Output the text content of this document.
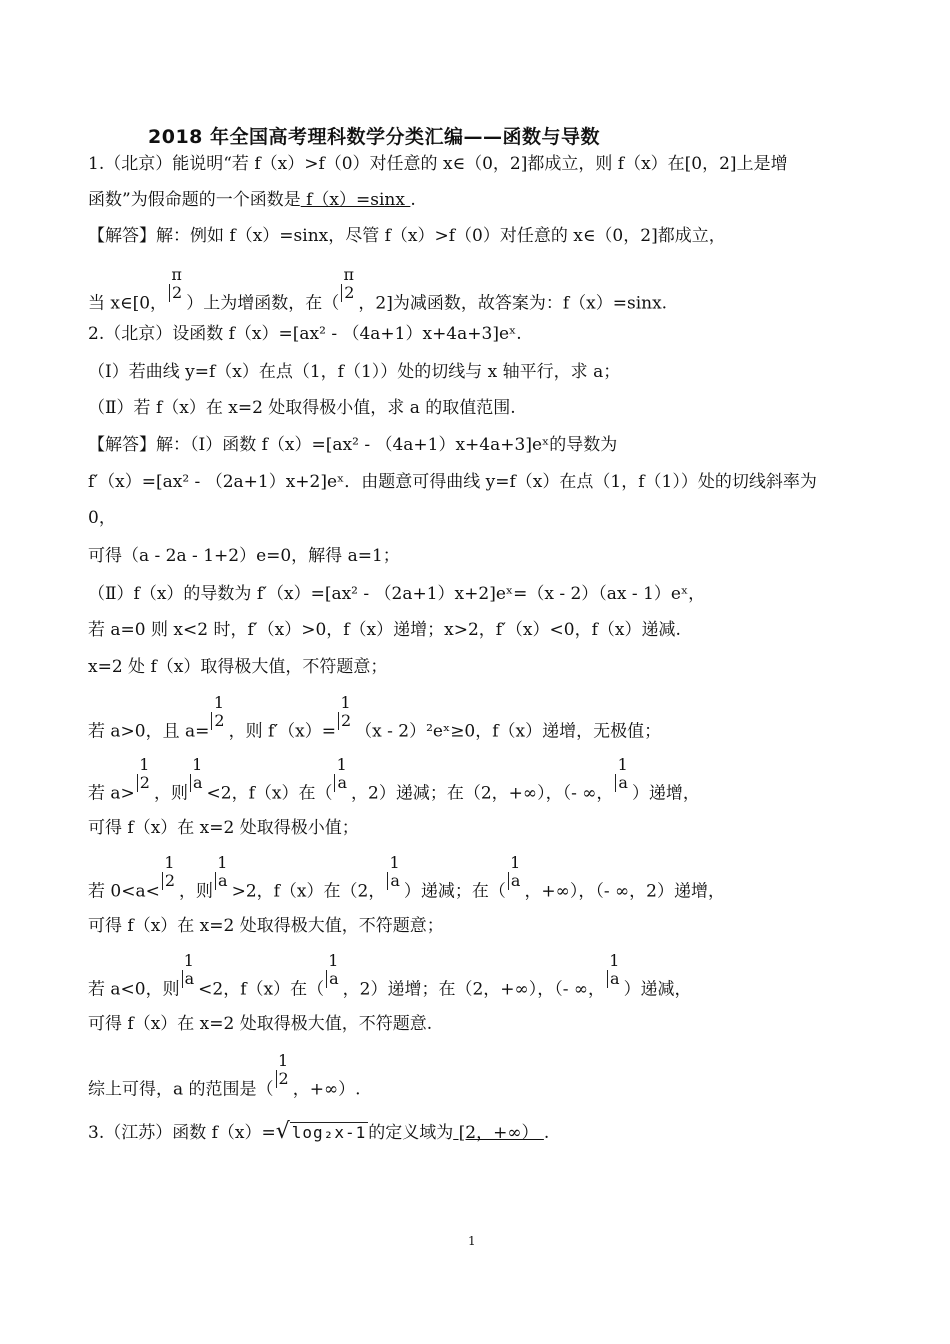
2018 年全国高考理科数学分类汇编——函数与导数
1.（北京）能说明“若 f（x）>f（0）对任意的 x∈（0，2]都成立，则 f（x）在[0，2]上是增
函数”为假命题的一个函数是 f（x）=sinx .
【解答】解：例如 f（x）=sinx，尽管 f（x）>f（0）对任意的 x∈（0，2]都成立，
当 x∈[0，
π
2
）上为增函数，在（
π
2
，2]为减函数，故答案为：f（x）=sinx.
2.（北京）设函数 f（x）=[ax² - （4a+1）x+4a+3]eˣ.
（Ⅰ）若曲线 y=f（x）在点（1，f（1））处的切线与 x 轴平行，求 a；
（Ⅱ）若 f（x）在 x=2 处取得极小值，求 a 的取值范围.
【解答】解：（Ⅰ）函数 f（x）=[ax² - （4a+1）x+4a+3]eˣ的导数为
f′（x）=[ax² - （2a+1）x+2]eˣ．由题意可得曲线 y=f（x）在点（1，f（1））处的切线斜率为
0，
可得（a - 2a - 1+2）e=0，解得 a=1；
（Ⅱ）f（x）的导数为 f′（x）=[ax² - （2a+1）x+2]eˣ=（x - 2）（ax - 1）eˣ，
若 a=0 则 x<2 时，f′（x）>0，f（x）递增；x>2，f′（x）<0，f（x）递减.
x=2 处 f（x）取得极大值，不符题意；
若 a>0，且 a=
1
2
，则 f′（x）=
1
2
（x - 2）²eˣ≥0，f（x）递增，无极值；
若 a>
1
2
，则
1
a
<2，f（x）在（
1
a
，2）递减；在（2，+∞），（- ∞，
1
a
）递增，
可得 f（x）在 x=2 处取得极小值；
若 0<a<
1
2
，则
1
a
>2，f（x）在（2，
1
a
）递减；在（
1
a
，+∞），（- ∞，2）递增，
可得 f（x）在 x=2 处取得极大值，不符题意；
若 a<0，则
1
a
<2，f（x）在（
1
a
，2）递增；在（2，+∞），（- ∞，
1
a
）递减，
可得 f（x）在 x=2 处取得极大值，不符题意.
综上可得，a 的范围是（
1
2
，+∞）.
3.（江苏）函数 f（x）=√ log₂x-1 的定义域为 [2，+∞） .
1
